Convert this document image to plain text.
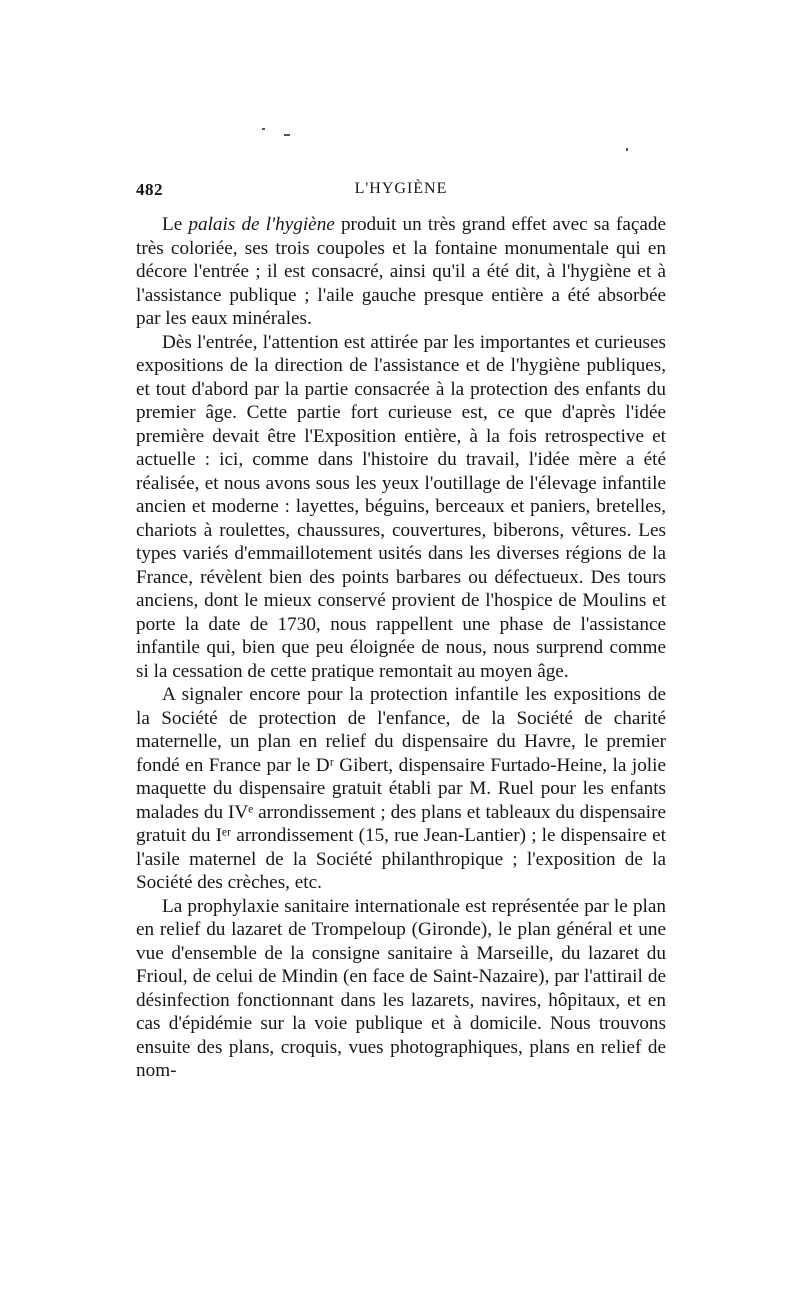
482	L'HYGIÈNE

Le palais de l'hygiène produit un très grand effet avec sa façade très coloriée, ses trois coupoles et la fontaine monumentale qui en décore l'entrée ; il est consacré, ainsi qu'il a été dit, à l'hygiène et à l'assistance publique ; l'aile gauche presque entière a été absorbée par les eaux minérales.

Dès l'entrée, l'attention est attirée par les importantes et curieuses expositions de la direction de l'assistance et de l'hygiène publiques, et tout d'abord par la partie consacrée à la protection des enfants du premier âge. Cette partie fort curieuse est, ce que d'après l'idée première devait être l'Exposition entière, à la fois retrospective et actuelle : ici, comme dans l'histoire du travail, l'idée mère a été réalisée, et nous avons sous les yeux l'outillage de l'élevage infantile ancien et moderne : layettes, béguins, berceaux et paniers, bretelles, chariots à roulettes, chaussures, couvertures, biberons, vêtures. Les types variés d'emmaillotement usités dans les diverses régions de la France, révèlent bien des points barbares ou défectueux. Des tours anciens, dont le mieux conservé provient de l'hospice de Moulins et porte la date de 1730, nous rappellent une phase de l'assistance infantile qui, bien que peu éloignée de nous, nous surprend comme si la cessation de cette pratique remontait au moyen âge.

A signaler encore pour la protection infantile les expositions de la Société de protection de l'enfance, de la Société de charité maternelle, un plan en relief du dispensaire du Havre, le premier fondé en France par le Dʳ Gibert, dispensaire Furtado-Heine, la jolie maquette du dispensaire gratuit établi par M. Ruel pour les enfants malades du IVᵉ arrondissement ; des plans et tableaux du dispensaire gratuit du Iᵉʳ arrondissement (15, rue Jean-Lantier) ; le dispensaire et l'asile maternel de la Société philanthropique ; l'exposition de la Société des crèches, etc.

La prophylaxie sanitaire internationale est représentée par le plan en relief du lazaret de Trompeloup (Gironde), le plan général et une vue d'ensemble de la consigne sanitaire à Marseille, du lazaret du Frioul, de celui de Mindin (en face de Saint-Nazaire), par l'attirail de désinfection fonctionnant dans les lazarets, navires, hôpitaux, et en cas d'épidémie sur la voie publique et à domicile. Nous trouvons ensuite des plans, croquis, vues photographiques, plans en relief de nom-
